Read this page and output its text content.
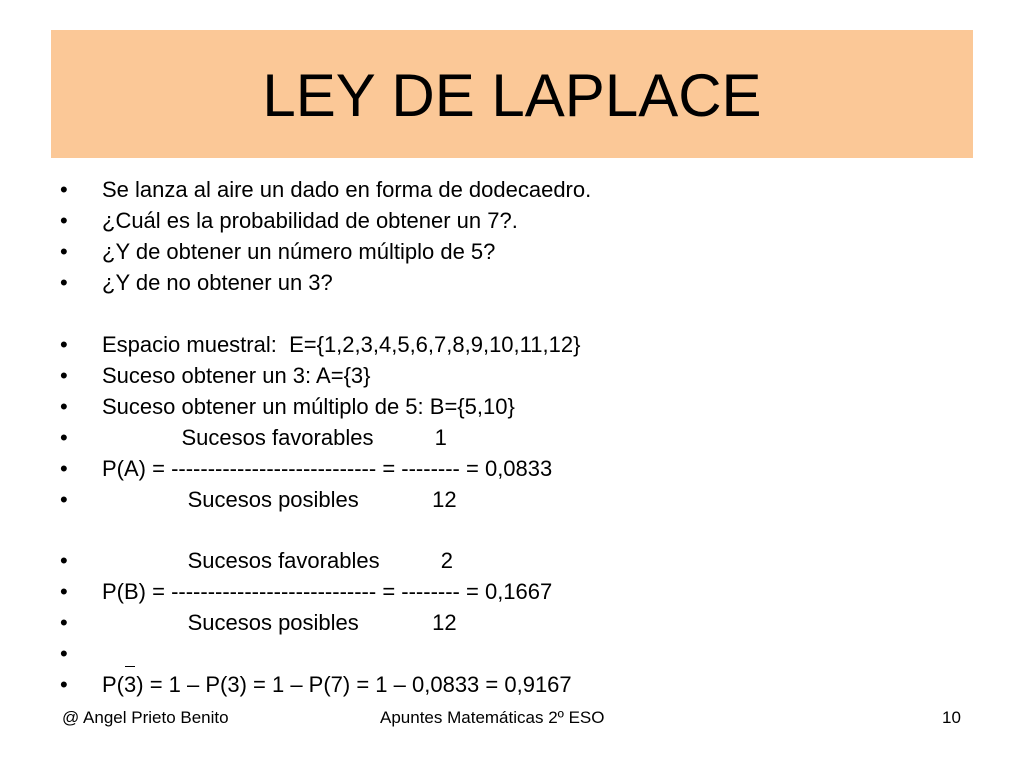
LEY DE LAPLACE
• Se lanza al aire un dado en forma de dodecaedro.
• ¿Cuál es la probabilidad de obtener un 7?.
• ¿Y de obtener un número múltiplo de 5?
• ¿Y de no obtener un 3?
• Espacio muestral:  E={1,2,3,4,5,6,7,8,9,10,11,12}
• Suceso obtener un 3: A={3}
• Suceso obtener un múltiplo de 5: B={5,10}
• Sucesos favorables          1
• P(A) = ---------------------------- = -------- = 0,0833
• Sucesos posibles            12
• Sucesos favorables          2
• P(B) = ---------------------------- = -------- = 0,1667
• Sucesos posibles            12
•
• P(3) = 1 – P(3) = 1 – P(7) = 1 – 0,0833 = 0,9167
@ Angel Prieto Benito	Apuntes Matemáticas 2º ESO	10
